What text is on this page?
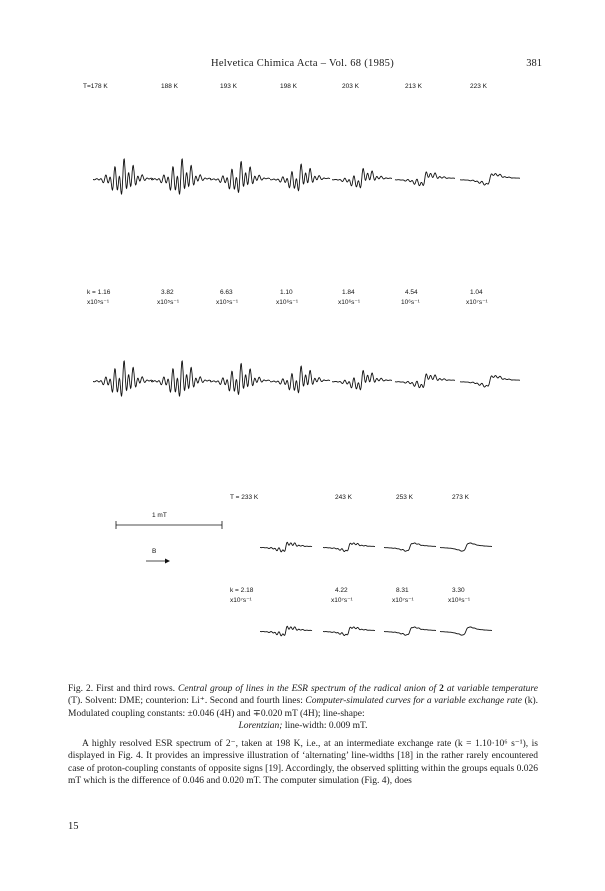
Helvetica Chimica Acta – Vol. 68 (1985)	381
T=178 K	188 K	193 K	198 K	203 K	213 K	223 K
k = 1.16
x10⁵s⁻¹
3.82
x10⁵s⁻¹
6.63
x10⁵s⁻¹
1.10
x10⁶s⁻¹
1.84
x10⁶s⁻¹
4.54
10⁶s⁻¹
1.04
x10⁷s⁻¹
T = 233 K	243 K	253 K	273 K
k = 2.18
x10⁷s⁻¹
4.22
x10⁷s⁻¹
8.31
x10⁷s⁻¹
3.30
x10⁸s⁻¹
1 mT
B
Fig. 2. First and third rows. Central group of lines in the ESR spectrum of the radical anion of 2 at variable temperature (T). Solvent: DME; counterion: Li⁺. Second and fourth lines: Computer-simulated curves for a variable exchange rate (k). Modulated coupling constants: ±0.046 (4H) and ∓0.020 mT (4H); line-shape:
Lorentzian; line-width: 0.009 mT.
A highly resolved ESR spectrum of 2⁻, taken at 198 K, i.e., at an intermediate exchange rate (k = 1.10·10⁶ s⁻¹), is displayed in Fig. 4. It provides an impressive illustration of ‘alternating’ line-widths [18] in the rather rarely encountered case of proton-coupling constants of opposite signs [19]. Accordingly, the observed splitting within the groups equals 0.026 mT which is the difference of 0.046 and 0.020 mT. The computer simulation (Fig. 4), does
15
